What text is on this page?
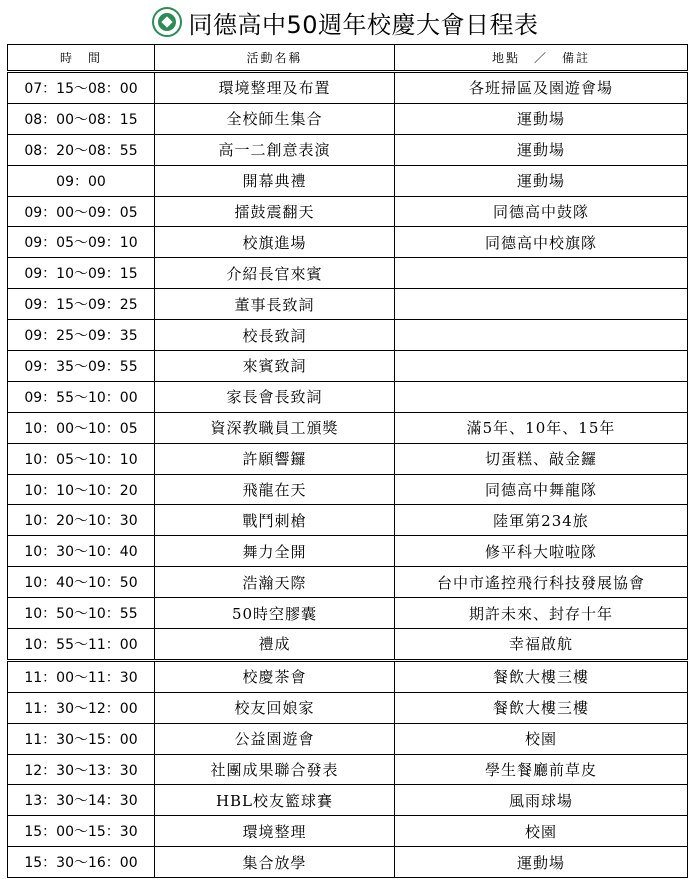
同德高中50週年校慶大會日程表
時　間	活動名稱	地點　／　備註
07：15～08：00	環境整理及布置	各班掃區及園遊會場
08：00～08：15	全校師生集合	運動場
08：20～08：55	高一二創意表演	運動場
09：00	開幕典禮	運動場
09：00～09：05	擂鼓震翻天	同德高中鼓隊
09：05～09：10	校旗進場	同德高中校旗隊
09：10～09：15	介紹長官來賓	
09：15～09：25	董事長致詞	
09：25～09：35	校長致詞	
09：35～09：55	來賓致詞	
09：55～10：00	家長會長致詞	
10：00～10：05	資深教職員工頒獎	滿5年、10年、15年
10：05～10：10	許願響鑼	切蛋糕、敲金鑼
10：10～10：20	飛龍在天	同德高中舞龍隊
10：20～10：30	戰鬥刺槍	陸軍第234旅
10：30～10：40	舞力全開	修平科大啦啦隊
10：40～10：50	浩瀚天際	台中市遙控飛行科技發展協會
10：50～10：55	50時空膠囊	期許未來、封存十年
10：55～11：00	禮成	幸福啟航
11：00～11：30	校慶茶會	餐飲大樓三樓
11：30～12：00	校友回娘家	餐飲大樓三樓
11：30～15：00	公益園遊會	校園
12：30～13：30	社團成果聯合發表	學生餐廳前草皮
13：30～14：30	HBL校友籃球賽	風雨球場
15：00～15：30	環境整理	校園
15：30～16：00	集合放學	運動場
